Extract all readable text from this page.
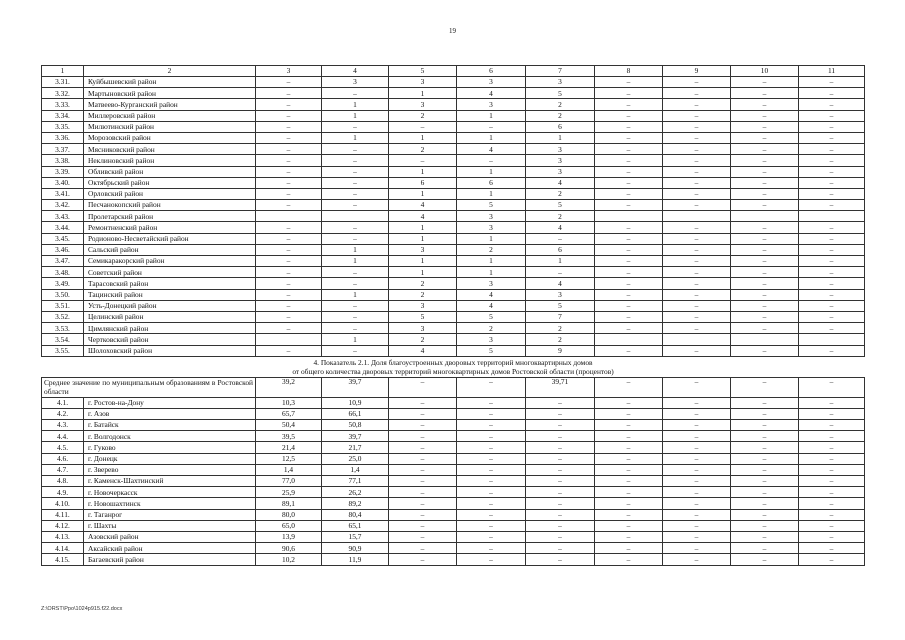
19
1	2	3	4	5	6	7	8	9	10	11
3.31.	Куйбышевский район	–	3	3	3	3	–	–	–	–
3.32.	Мартыновский район	–	–	1	4	5	–	–	–	–
3.33.	Матвеево-Курганский район	–	1	3	3	2	–	–	–	–
3.34.	Миллеровский район	–	1	2	1	2	–	–	–	–
3.35.	Милютинский район	–	–	–	–	6	–	–	–	–
3.36.	Морозовский район	–	1	1	1	1	–	–	–	–
3.37.	Мясниковский район	–	–	2	4	3	–	–	–	–
3.38.	Неклиновский район	–	–	–	–	3	–	–	–	–
3.39.	Обливский район	–	–	1	1	3	–	–	–	–
3.40.	Октябрьский район	–	–	6	6	4	–	–	–	–
3.41.	Орловский район	–	–	1	1	2	–	–	–	–
3.42.	Песчанокопский район	–	–	4	5	5	–	–	–	–
3.43.	Пролетарский район			4	3	2				
3.44.	Ремонтненский район	–	–	1	3	4	–	–	–	–
3.45.	Родионово-Несветайский район	–	–	1	1	–	–	–	–	–
3.46.	Сальский район	–	1	3	2	6	–	–	–	–
3.47.	Семикаракорский район	–	1	1	1	1	–	–	–	–
3.48.	Советский район	–	–	1	1	–	–	–	–	–
3.49.	Тарасовский район	–	–	2	3	4	–	–	–	–
3.50.	Тацинский район	–	1	2	4	3	–	–	–	–
3.51.	Усть-Донецкий район	–	–	3	4	5	–	–	–	–
3.52.	Целинский район	–	–	5	5	7	–	–	–	–
3.53.	Цимлянский район	–	–	3	2	2	–	–	–	–
3.54.	Чертковский район		1	2	3	2				
3.55.	Шолоховский район	–	–	4	5	9	–	–	–	–

4. Показатель 2.1. Доля благоустроенных дворовых территорий многоквартирных домов
от общего количества дворовых территорий многоквартирных домов Ростовской области (процентов)										

Среднее значение по муниципальным образованиям в Ростовской области		39,2	39,7	–	–	39,71	–	–	–	–
4.1.	г. Ростов-на-Дону	10,3	10,9	–	–	–	–	–	–	–
4.2.	г. Азов	65,7	66,1	–	–	–	–	–	–	–
4.3.	г. Батайск	50,4	50,8	–	–	–	–	–	–	–
4.4.	г. Волгодонск	39,5	39,7	–	–	–	–	–	–	–
4.5.	г. Гуково	21,4	21,7	–	–	–	–	–	–	–
4.6.	г. Донецк	12,5	25,0	–	–	–	–	–	–	–
4.7.	г. Зверево	1,4	1,4	–	–	–	–	–	–	–
4.8.	г. Каменск-Шахтинский	77,0	77,1	–	–	–	–	–	–	–
4.9.	г. Новочеркасск	25,9	26,2	–	–	–	–	–	–	–
4.10.	г. Новошахтинск	89,1	89,2	–	–	–	–	–	–	–
4.11.	г. Таганрог	80,0	80,4	–	–	–	–	–	–	–
4.12.	г. Шахты	65,0	65,1	–	–	–	–	–	–	–
4.13.	Азовский район	13,9	15,7	–	–	–	–	–	–	–
4.14.	Аксайский район	90,6	90,9	–	–	–	–	–	–	–
4.15.	Багаевский район	10,2	11,9	–	–	–	–	–	–	–
Z:\ORST\Ppo\1024p915.f22.docx
